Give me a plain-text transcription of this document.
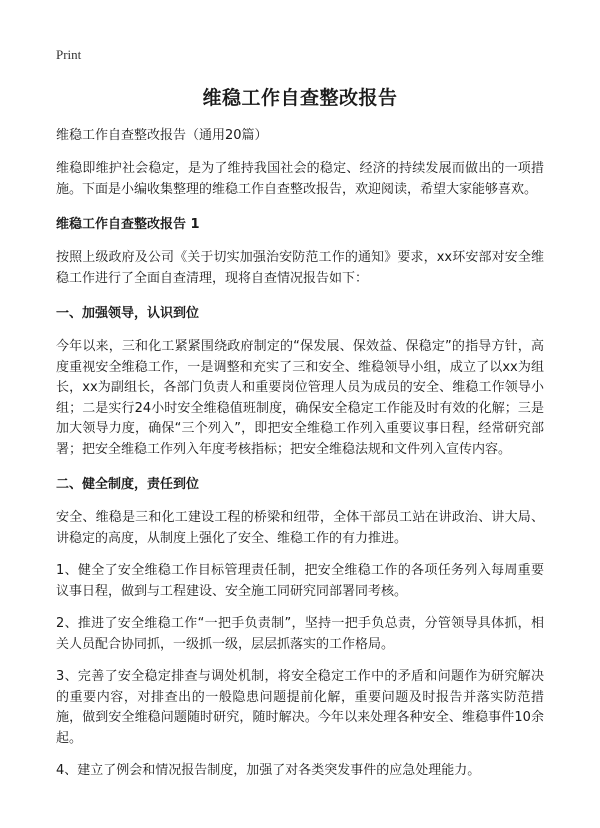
Print
维稳工作自查整改报告
维稳工作自查整改报告（通用20篇）

维稳即维护社会稳定，是为了维持我国社会的稳定、经济的持续发展而做出的一项措施。下面是小编收集整理的维稳工作自查整改报告，欢迎阅读，希望大家能够喜欢。

维稳工作自查整改报告 1

按照上级政府及公司《关于切实加强治安防范工作的通知》要求，xx环安部对安全维稳工作进行了全面自查清理，现将自查情况报告如下：

一、加强领导，认识到位

今年以来，三和化工紧紧围绕政府制定的“保发展、保效益、保稳定”的指导方针，高度重视安全维稳工作，一是调整和充实了三和安全、维稳领导小组，成立了以xx为组长，xx为副组长，各部门负责人和重要岗位管理人员为成员的安全、维稳工作领导小组；二是实行24小时安全维稳值班制度，确保安全稳定工作能及时有效的化解；三是加大领导力度，确保“三个列入”，即把安全维稳工作列入重要议事日程，经常研究部署；把安全维稳工作列入年度考核指标；把安全维稳法规和文件列入宣传内容。

二、健全制度，责任到位

安全、维稳是三和化工建设工程的桥梁和纽带，全体干部员工站在讲政治、讲大局、讲稳定的高度，从制度上强化了安全、维稳工作的有力推进。

1、健全了安全维稳工作目标管理责任制，把安全维稳工作的各项任务列入每周重要议事日程，做到与工程建设、安全施工同研究同部署同考核。

2、推进了安全维稳工作“一把手负责制”，坚持一把手负总责，分管领导具体抓，相关人员配合协同抓，一级抓一级，层层抓落实的工作格局。

3、完善了安全稳定排查与调处机制，将安全稳定工作中的矛盾和问题作为研究解决的重要内容，对排查出的一般隐患问题提前化解，重要问题及时报告并落实防范措施，做到安全维稳问题随时研究，随时解决。今年以来处理各种安全、维稳事件10余起。

4、建立了例会和情况报告制度，加强了对各类突发事件的应急处理能力。
